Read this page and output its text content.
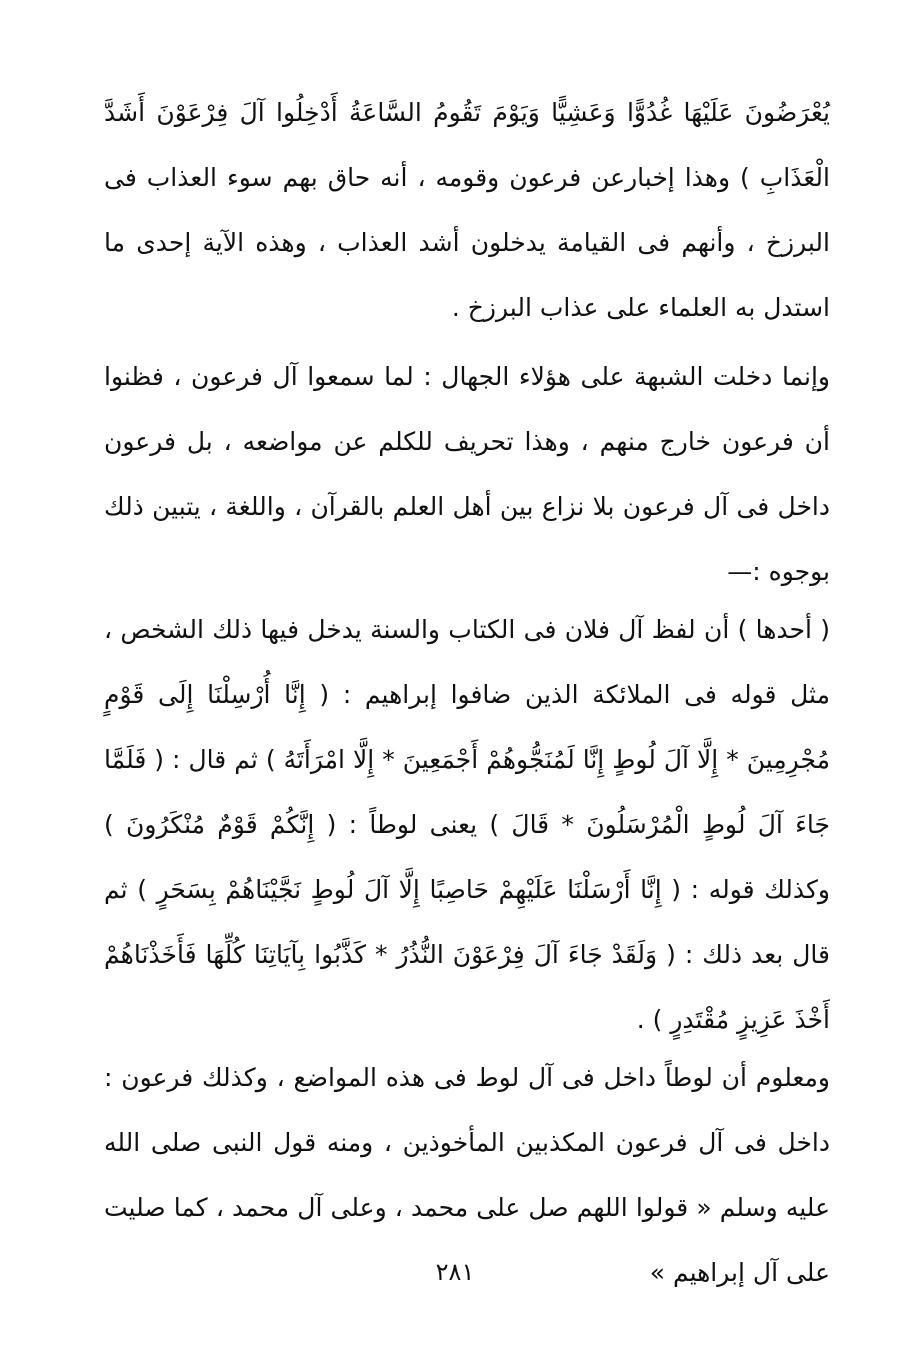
يُعْرَضُونَ عَلَيْهَا غُدُوًّا وَعَشِيًّا وَيَوْمَ تَقُومُ السَّاعَةُ أَدْخِلُوا آلَ فِرْعَوْنَ أَشَدَّ الْعَذَابِ ) وهذا إخبارعن فرعون وقومه ، أنه حاق بهم سوء العذاب فى البرزخ ، وأنهم فى القيامة يدخلون أشد العذاب ، وهذه الآية إحدى ما استدل به العلماء على عذاب البرزخ .

وإنما دخلت الشبهة على هؤلاء الجهال : لما سمعوا آل فرعون ، فظنوا أن فرعون خارج منهم ، وهذا تحريف للكلم عن مواضعه ، بل فرعون داخل فى آل فرعون بلا نزاع بين أهل العلم بالقرآن ، واللغة ، يتبين ذلك بوجوه :—

( أحدها ) أن لفظ آل فلان فى الكتاب والسنة يدخل فيها ذلك الشخص ، مثل قوله فى الملائكة الذين ضافوا إبراهيم : ( إِنَّا أُرْسِلْنَا إِلَى قَوْمٍ مُجْرِمِينَ * إِلَّا آلَ لُوطٍ إِنَّا لَمُنَجُّوهُمْ أَجْمَعِينَ * إِلَّا امْرَأَتَهُ ) ثم قال : ( فَلَمَّا جَاءَ آلَ لُوطٍ الْمُرْسَلُونَ * قَالَ ) يعنى لوطاً : ( إِنَّكُمْ قَوْمٌ مُنْكَرُونَ ) وكذلك قوله : ( إِنَّا أَرْسَلْنَا عَلَيْهِمْ حَاصِبًا إِلَّا آلَ لُوطٍ نَجَّيْنَاهُمْ بِسَحَرٍ ) ثم قال بعد ذلك : ( وَلَقَدْ جَاءَ آلَ فِرْعَوْنَ النُّذُرُ * كَذَّبُوا بِآيَاتِنَا كُلِّهَا فَأَخَذْنَاهُمْ أَخْذَ عَزِيزٍ مُقْتَدِرٍ ) .

ومعلوم أن لوطاً داخل فى آل لوط فى هذه المواضع ، وكذلك فرعون : داخل فى آل فرعون المكذبين المأخوذين ، ومنه قول النبى صلى الله عليه وسلم « قولوا اللهم صل على محمد ، وعلى آل محمد ، كما صليت على آل إبراهيم »

٢٨١
